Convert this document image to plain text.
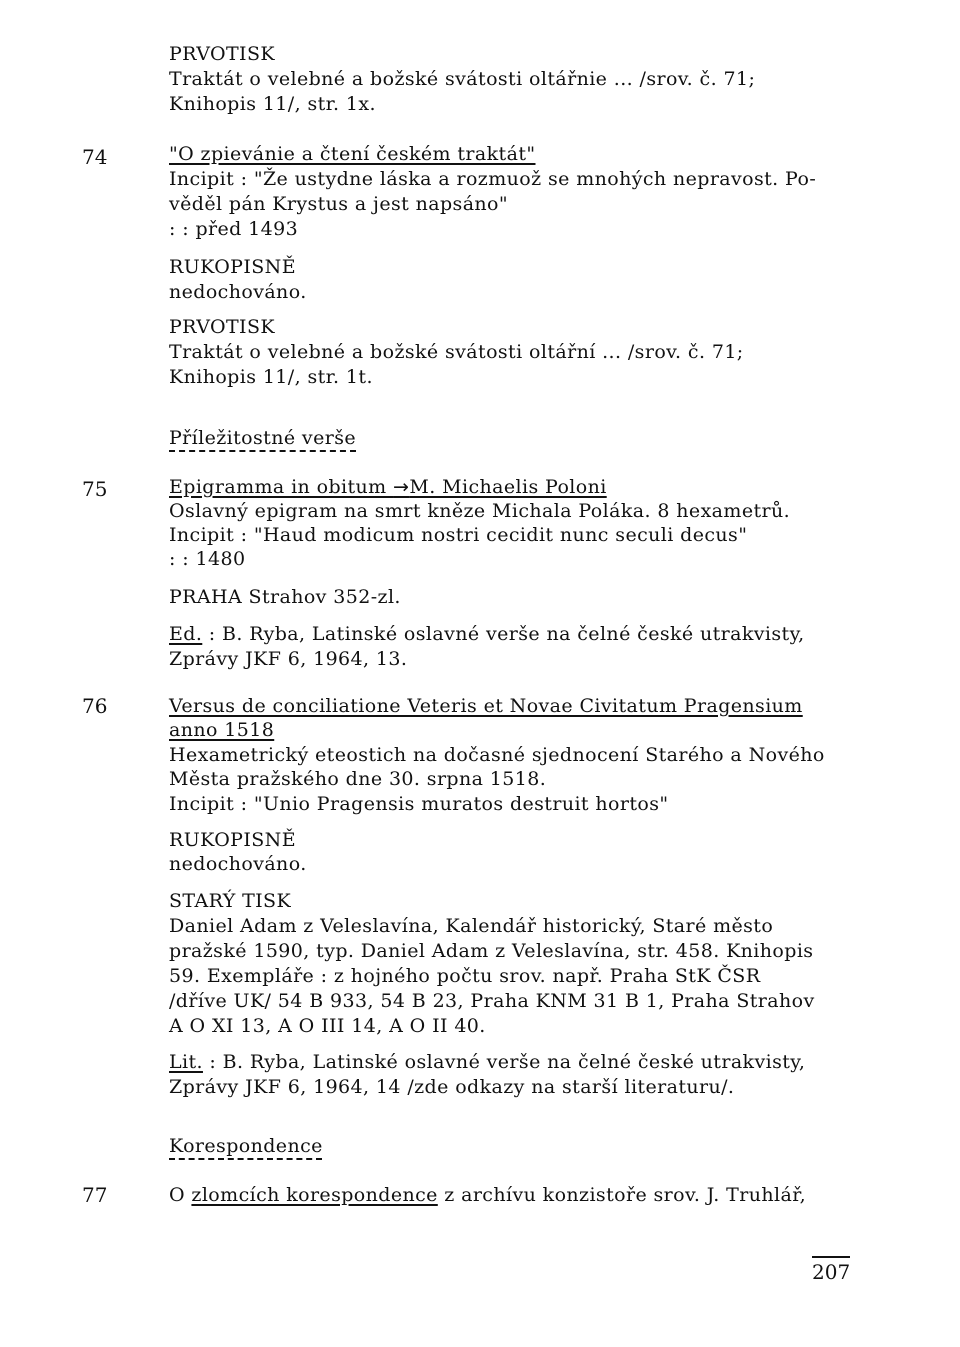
PRVOTISK
Traktát o velebné a božské svátosti oltářnie ... /srov. č. 71;
Knihopis 11/, str. 1x.
74	"O zpievánie a čtení českém traktát"
Incipit : "Že ustydne láska a rozmuož se mnohých nepravost. Po-
věděl pán Krystus a jest napsáno"
: : před 1493
RUKOPISNĚ
nedochováno.
PRVOTISK
Traktát o velebné a božské svátosti oltářní ... /srov. č. 71;
Knihopis 11/, str. 1t.
Příležitostné verše
75	Epigramma in obitum →M. Michaelis Poloni
Oslavný epigram na smrt kněze Michala Poláka. 8 hexametrů.
Incipit : "Haud modicum nostri cecidit nunc seculi decus"
: : 1480
PRAHA Strahov 352-zl.
Ed. : B. Ryba, Latinské oslavné verše na čelné české utrakvisty,
Zprávy JKF 6, 1964, 13.
76	Versus de conciliatione Veteris et Novae Civitatum Pragensium
anno 1518
Hexametrický eteostich na dočasné sjednocení Starého a Nového
Města pražského dne 30. srpna 1518.
Incipit : "Unio Pragensis muratos destruit hortos"
RUKOPISNĚ
nedochováno.
STARÝ TISK
Daniel Adam z Veleslavína, Kalendář historický, Staré město
pražské 1590, typ. Daniel Adam z Veleslavína, str. 458. Knihopis
59. Exempláře : z hojného počtu srov. např. Praha StK ČSR
/dříve UK/ 54 B 933, 54 B 23, Praha KNM 31 B 1, Praha Strahov
A O XI 13, A O III 14, A O II 40.
Lit. : B. Ryba, Latinské oslavné verše na čelné české utrakvisty,
Zprávy JKF 6, 1964, 14 /zde odkazy na starší literaturu/.
Korespondence
77	O zlomcích korespondence z archívu konzistoře srov. J. Truhlář,
207
